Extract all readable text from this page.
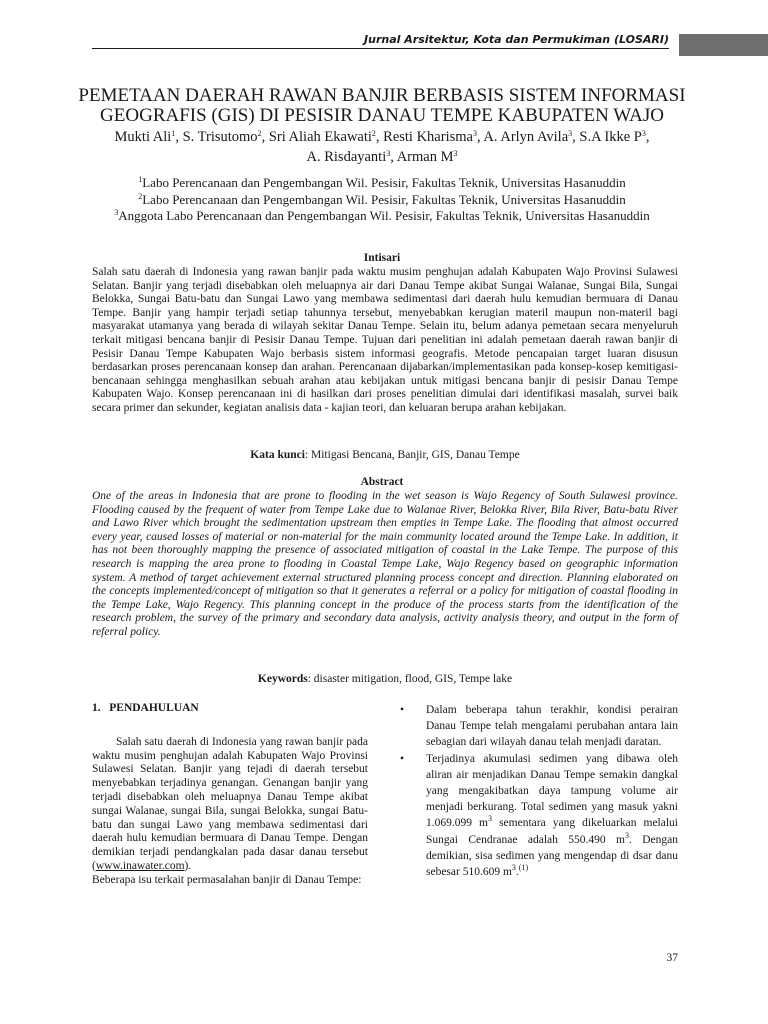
Jurnal Arsitektur, Kota dan Permukiman (LOSARI)
PEMETAAN DAERAH RAWAN BANJIR BERBASIS SISTEM INFORMASI GEOGRAFIS (GIS) DI PESISIR DANAU TEMPE KABUPATEN WAJO
Mukti Ali$^1$, S. Trisutomo$^2$, Sri Aliah Ekawati$^2$, Resti Kharisma$^3$, A. Arlyn Avila$^3$, S.A Ikke $P^3$,
A. Risdayanti$^3$, Arman $M^3$
$^1$Labo Perencanaan dan Pengembangan Wil. Pesisir, Fakultas Teknik, Universitas Hasanuddin
$^2$Labo Perencanaan dan Pengembangan Wil. Pesisir, Fakultas Teknik, Universitas Hasanuddin
$^3$Anggota Labo Perencanaan dan Pengembangan Wil. Pesisir, Fakultas Teknik, Universitas Hasanuddin
Intisari
Salah satu daerah di Indonesia yang rawan banjir pada waktu musim penghujan adalah Kabupaten Wajo Provinsi Sulawesi Selatan. Banjir yang terjadi disebabkan oleh meluapnya air dari Danau Tempe akibat Sungai Walanae, Sungai Bila, Sungai Belokka, Sungai Batu-batu dan Sungai Lawo yang membawa sedimentasi dari daerah hulu kemudian bermuara di Danau Tempe. Banjir yang hampir terjadi setiap tahunnya tersebut, menyebabkan kerugian materil maupun non-materil bagi masyarakat utamanya yang berada di wilayah sekitar Danau Tempe. Selain itu, belum adanya pemetaan secara menyeluruh terkait mitigasi bencana banjir di Pesisir Danau Tempe. Tujuan dari penelitian ini adalah pemetaan daerah rawan banjir di Pesisir Danau Tempe Kabupaten Wajo berbasis sistem informasi geografis. Metode pencapaian target luaran disusun berdasarkan proses perencanaan konsep dan arahan. Perencanaan dijabarkan/implementasikan pada konsep-kosep kemitigasi-bencanaan sehingga menghasilkan sebuah arahan atau kebijakan untuk mitigasi bencana banjir di pesisir Danau Tempe Kabupaten Wajo. Konsep perencanaan ini di hasilkan dari proses penelitian dimulai dari identifikasi masalah, survei baik secara primer dan sekunder, kegiatan analisis data - kajian teori, dan keluaran berupa arahan kebijakan.
Kata kunci: Mitigasi Bencana, Banjir, GIS, Danau Tempe
Abstract
One of the areas in Indonesia that are prone to flooding in the wet season is Wajo Regency of South Sulawesi province. Flooding caused by the frequent of water from Tempe Lake due to Walanae River, Belokka River, Bila River, Batu-batu River and Lawo River which brought the sedimentation upstream then empties in Tempe Lake. The flooding that almost occurred every year, caused losses of material or non-material for the main community located around the Tempe Lake. In addition, it has not been thoroughly mapping the presence of associated mitigation of coastal in the Lake Tempe. The purpose of this research is mapping the area prone to flooding in Coastal Tempe Lake, Wajo Regency based on geographic information system. A method of target achievement external structured planning process concept and direction. Planning elaborated on the concepts implemented/concept of mitigation so that it generates a referral or a policy for mitigation of coastal flooding in the Tempe Lake, Wajo Regency. This planning concept in the produce of the process starts from the identification of the research problem, the survey of the primary and secondary data analysis, activity analysis theory, and output in the form of referral policy.
Keywords: disaster mitigation, flood, GIS, Tempe lake
1.   PENDAHULUAN

Salah satu daerah di Indonesia yang rawan banjir pada waktu musim penghujan adalah Kabupaten Wajo Provinsi Sulawesi Selatan. Banjir yang tejadi di daerah tersebut menyebabkan terjadinya genangan. Genangan banjir yang terjadi disebabkan oleh meluapnya Danau Tempe akibat sungai Walanae, sungai Bila, sungai Belokka, sungai Batu-batu dan sungai Lawo yang membawa sedimentasi dari daerah hulu kemudian bermuara di Danau Tempe. Dengan demikian terjadi pendangkalan pada dasar danau tersebut (www.inawater.com).

Beberapa isu terkait permasalahan banjir di Danau Tempe:

• Dalam beberapa tahun terakhir, kondisi perairan Danau Tempe telah mengalami perubahan antara lain sebagian dari wilayah danau telah menjadi daratan.
• Terjadinya akumulasi sedimen yang dibawa oleh aliran air menjadikan Danau Tempe semakin dangkal yang mengakibatkan daya tampung volume air menjadi berkurang. Total sedimen yang masuk yakni 1.069.099 $m^3$ sementara yang dikeluarkan melalui Sungai Cendranae adalah 550.490 $m^3$. Dengan demikian, sisa sedimen yang mengendap di dsar danu sebesar 510.609 $m^3.^{(1)}$
37
